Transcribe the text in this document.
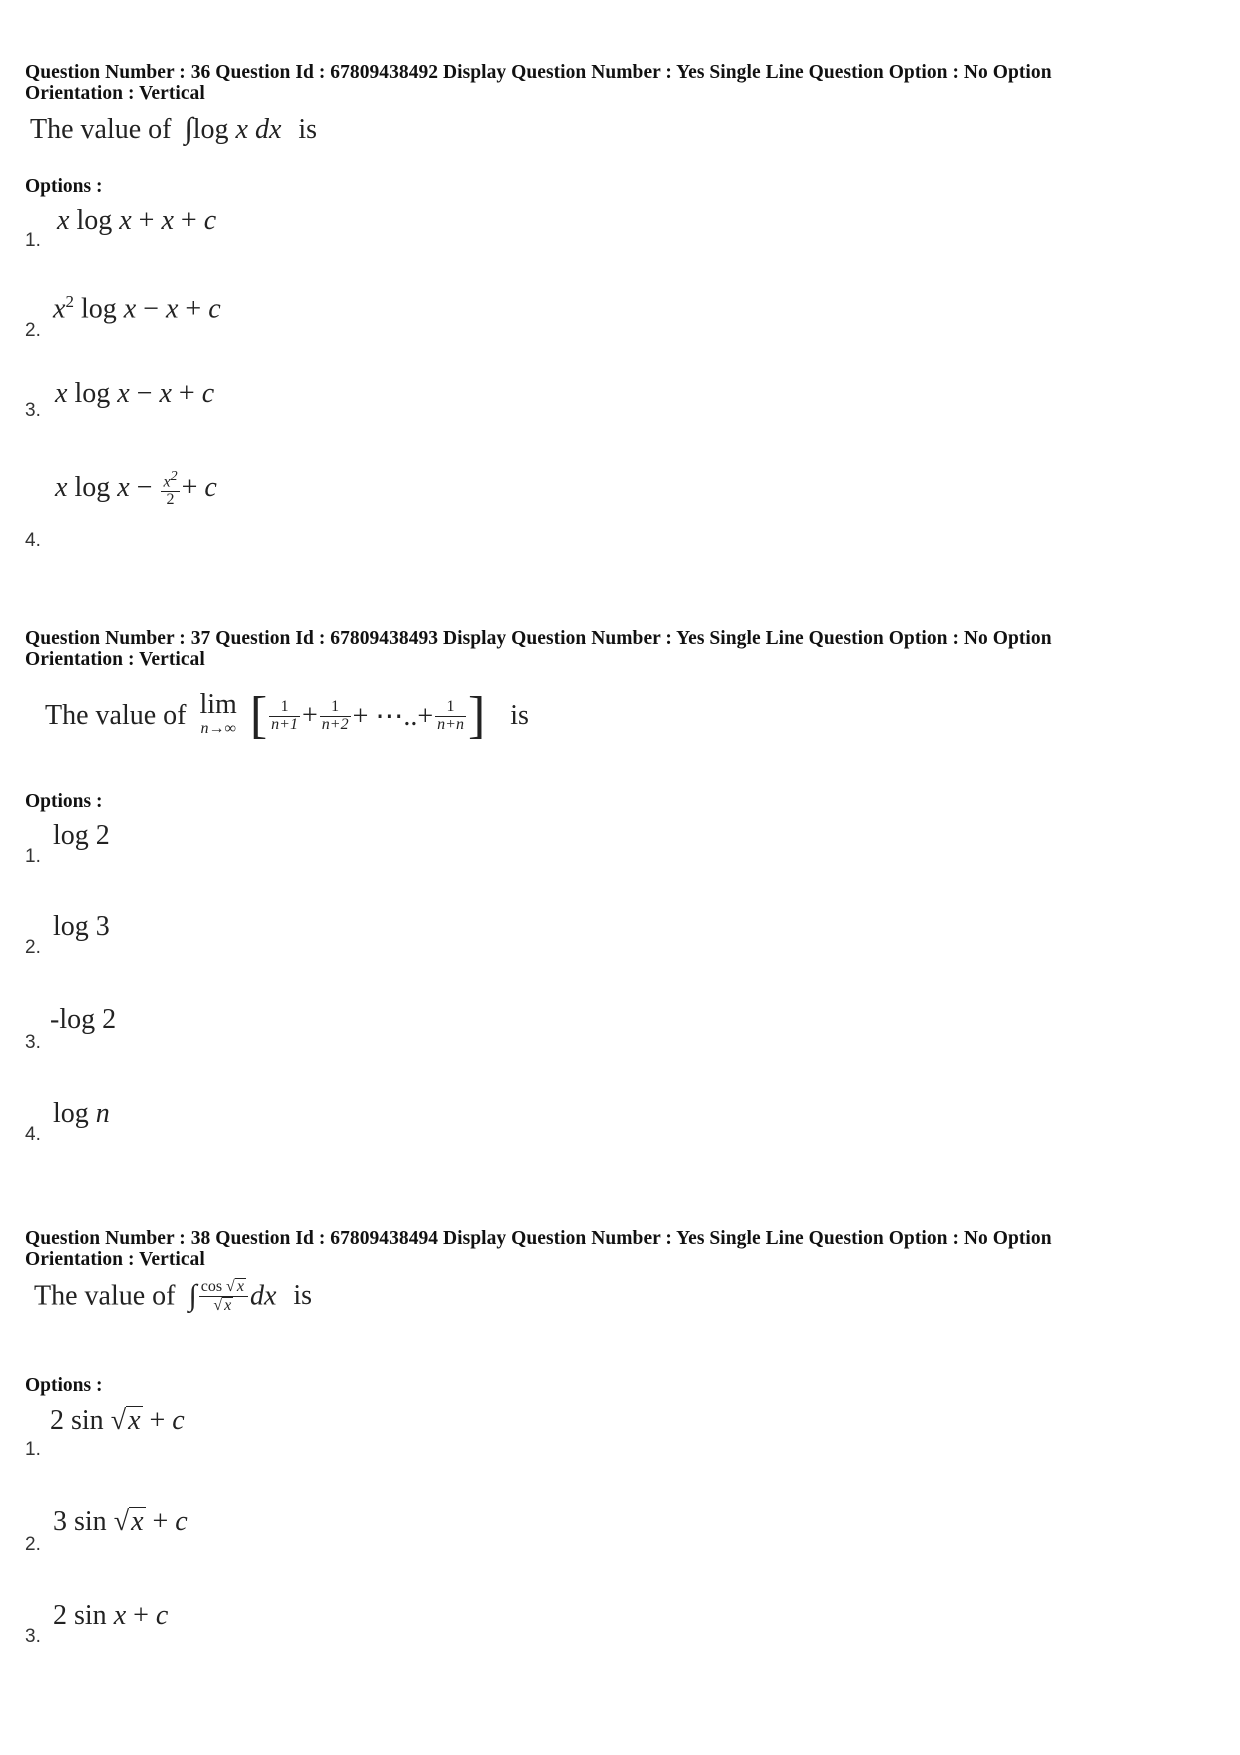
Question Number : 36 Question Id : 67809438492 Display Question Number : Yes Single Line Question Option : No Option
Orientation : Vertical
The value of ∫log x dx is
Options :
1.
x log x + x + c
2.
$x^2$ log x − x + c
3.
x log x − x + c
4.
x $\log x - \frac{x^2}{2} + c$
Question Number : 37 Question Id : 67809438493 Display Question Number : Yes Single Line Question Option : No Option
Orientation : Vertical
The value of lim
n→∞ [ $\frac{1}{n+1} + \frac{1}{n+2}$ + ⋯..+ $\frac{1}{n+n}$ ] is
Options :
1.
log 2
2.
log 3
3.
-log 2
4.
log n
Question Number : 38 Question Id : 67809438494 Display Question Number : Yes Single Line Question Option : No Option
Orientation : Vertical
The value of ∫ $\frac{\cos √ x}{√ x}$ dx is
Options :
1.
2 sin √x + c
2.
3 sin √x + c
3.
2 sin x + c
